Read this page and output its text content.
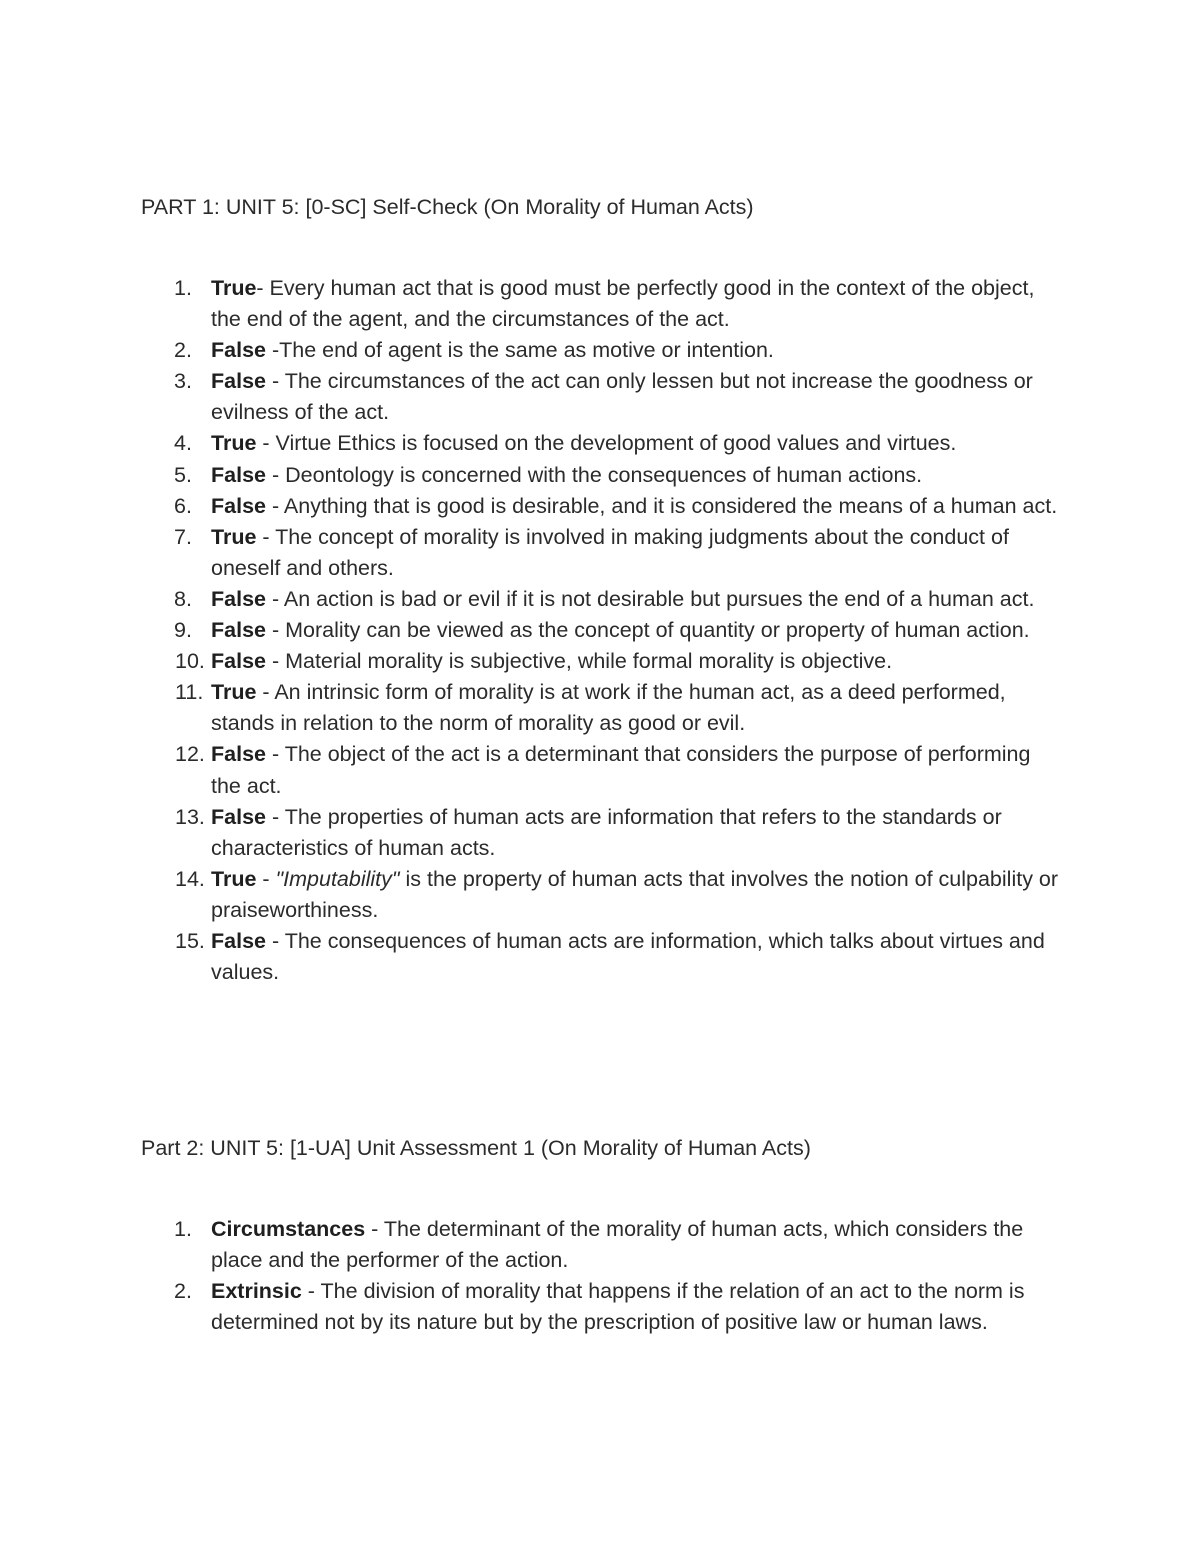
PART 1: UNIT 5: [0-SC] Self-Check (On Morality of Human Acts)
1. True- Every human act that is good must be perfectly good in the context of the object, the end of the agent, and the circumstances of the act.
2. False -The end of agent is the same as motive or intention.
3. False - The circumstances of the act can only lessen but not increase the goodness or evilness of the act.
4. True - Virtue Ethics is focused on the development of good values and virtues.
5. False - Deontology is concerned with the consequences of human actions.
6. False - Anything that is good is desirable, and it is considered the means of a human act.
7. True - The concept of morality is involved in making judgments about the conduct of oneself and others.
8. False - An action is bad or evil if it is not desirable but pursues the end of a human act.
9. False - Morality can be viewed as the concept of quantity or property of human action.
10. False - Material morality is subjective, while formal morality is objective.
11. True - An intrinsic form of morality is at work if the human act, as a deed performed, stands in relation to the norm of morality as good or evil.
12. False - The object of the act is a determinant that considers the purpose of performing the act.
13. False - The properties of human acts are information that refers to the standards or characteristics of human acts.
14. True - "Imputability" is the property of human acts that involves the notion of culpability or praiseworthiness.
15. False - The consequences of human acts are information, which talks about virtues and values.
Part 2: UNIT 5: [1-UA] Unit Assessment 1 (On Morality of Human Acts)
1. Circumstances - The determinant of the morality of human acts, which considers the place and the performer of the action.
2. Extrinsic - The division of morality that happens if the relation of an act to the norm is determined not by its nature but by the prescription of positive law or human laws.
